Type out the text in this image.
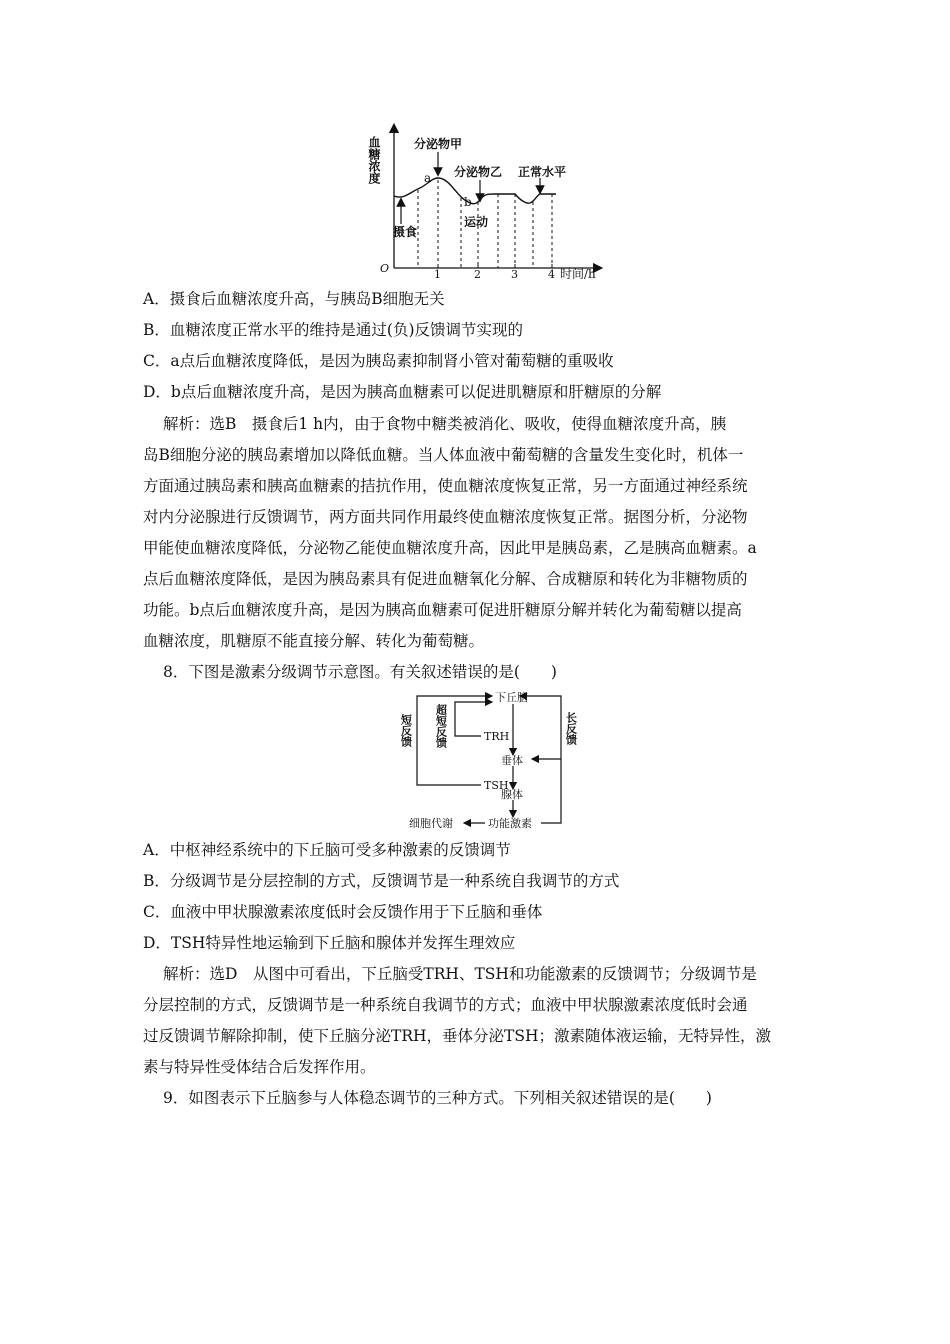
血糖浓度
O	时间/h
1	2	3	4
a
b
分泌物甲
分泌物乙 正常水平
摄食
运动
A．摄食后血糖浓度升高，与胰岛B细胞无关
B．血糖浓度正常水平的维持是通过(负)反馈调节实现的
C．a点后血糖浓度降低，是因为胰岛素抑制肾小管对葡萄糖的重吸收
D．b点后血糖浓度升高，是因为胰高血糖素可以促进肌糖原和肝糖原的分解
解析：选B　摄食后1 h内，由于食物中糖类被消化、吸收，使得血糖浓度升高，胰
岛B细胞分泌的胰岛素增加以降低血糖。当人体血液中葡萄糖的含量发生变化时，机体一
方面通过胰岛素和胰高血糖素的拮抗作用，使血糖浓度恢复正常，另一方面通过神经系统
对内分泌腺进行反馈调节，两方面共同作用最终使血糖浓度恢复正常。据图分析，分泌物
甲能使血糖浓度降低，分泌物乙能使血糖浓度升高，因此甲是胰岛素，乙是胰高血糖素。a
点后血糖浓度降低，是因为胰岛素具有促进血糖氧化分解、合成糖原和转化为非糖物质的
功能。b点后血糖浓度升高，是因为胰高血糖素可促进肝糖原分解并转化为葡萄糖以提高
血糖浓度，肌糖原不能直接分解、转化为葡萄糖。
8．下图是激素分级调节示意图。有关叙述错误的是(　　)
下丘脑
TRH
垂体
TSH
腺体
功能激素
细胞代谢
短反馈 超短反馈	长反馈
A．中枢神经系统中的下丘脑可受多种激素的反馈调节
B．分级调节是分层控制的方式，反馈调节是一种系统自我调节的方式
C．血液中甲状腺激素浓度低时会反馈作用于下丘脑和垂体
D．TSH特异性地运输到下丘脑和腺体并发挥生理效应
解析：选D　从图中可看出，下丘脑受TRH、TSH和功能激素的反馈调节；分级调节是
分层控制的方式，反馈调节是一种系统自我调节的方式；血液中甲状腺激素浓度低时会通
过反馈调节解除抑制，使下丘脑分泌TRH，垂体分泌TSH；激素随体液运输，无特异性，激
素与特异性受体结合后发挥作用。
9．如图表示下丘脑参与人体稳态调节的三种方式。下列相关叙述错误的是(　　)
